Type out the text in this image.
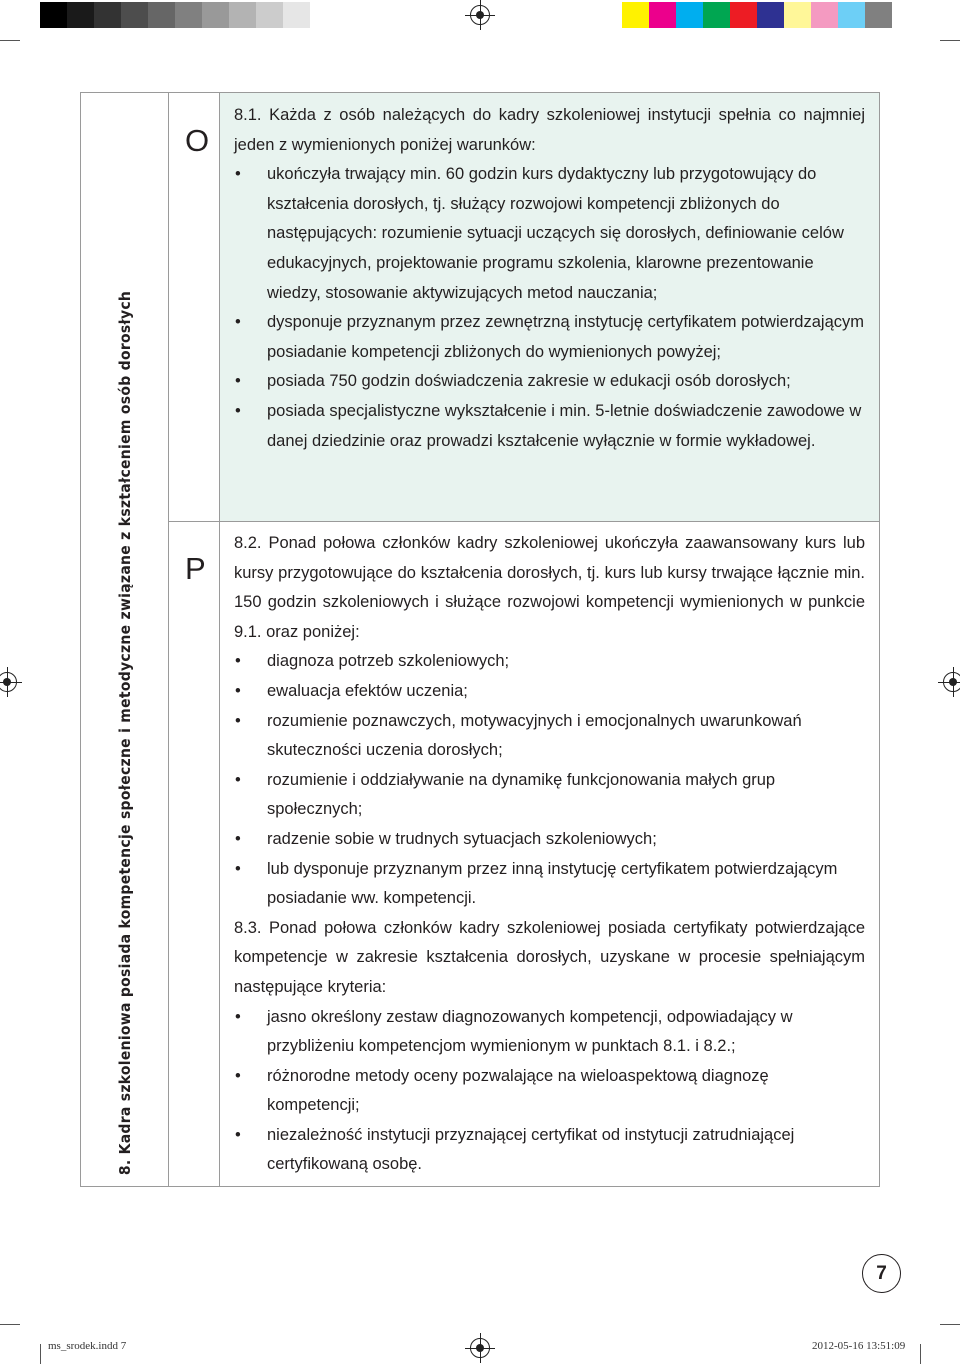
8. Kadra szkoleniowa posiada kompetencje społeczne i metodyczne związane z kształceniem osób dorosłych
O
P

8.1. Każda z osób należących do kadry szkoleniowej instytucji spełnia co najmniej jeden z wymienionych poniżej warunków:

• ukończyła trwający min. 60 godzin kurs dydaktyczny lub przygotowujący do kształcenia dorosłych, tj. służący rozwojowi kompetencji zbliżonych do następujących: rozumienie sytuacji uczących się dorosłych, definiowanie celów edukacyjnych, projektowanie programu szkolenia, klarowne prezentowanie wiedzy, stosowanie aktywizujących metod nauczania;
• dysponuje przyznanym przez zewnętrzną instytucję certyfikatem potwierdzającym posiadanie kompetencji zbliżonych do wymienionych powyżej;
• posiada 750 godzin doświadczenia zakresie w edukacji osób dorosłych;
• posiada specjalistyczne wykształcenie i min. 5-letnie doświadczenie zawodowe w danej dziedzinie oraz prowadzi kształcenie wyłącznie w formie wykładowej.

8.2. Ponad połowa członków kadry szkoleniowej ukończyła zaawansowany kurs lub kursy przygotowujące do kształcenia dorosłych, tj. kurs lub kursy trwające łącznie min. 150 godzin szkoleniowych i służące rozwojowi kompetencji wymienionych w punkcie 9.1. oraz poniżej:

• diagnoza potrzeb szkoleniowych;
• ewaluacja efektów uczenia;
• rozumienie poznawczych, motywacyjnych i emocjonalnych uwarunkowań skuteczności uczenia dorosłych;
• rozumienie i oddziaływanie na dynamikę funkcjonowania małych grup społecznych;
• radzenie sobie w trudnych sytuacjach szkoleniowych;
• lub dysponuje przyznanym przez inną instytucję certyfikatem potwierdzającym posiadanie ww. kompetencji.

8.3. Ponad połowa członków kadry szkoleniowej posiada certyfikaty potwierdzające kompetencje w zakresie kształcenia dorosłych, uzyskane w procesie spełniającym następujące kryteria:

• jasno określony zestaw diagnozowanych kompetencji, odpowiadający w przybliżeniu kompetencjom wymienionym w punktach 8.1. i 8.2.;
• różnorodne metody oceny pozwalające na wieloaspektową diagnozę kompetencji;
• niezależność instytucji przyznającej certyfikat od instytucji zatrudniającej certyfikowaną osobę.
7
ms_srodek.indd 7	2012-05-16 13:51:09
